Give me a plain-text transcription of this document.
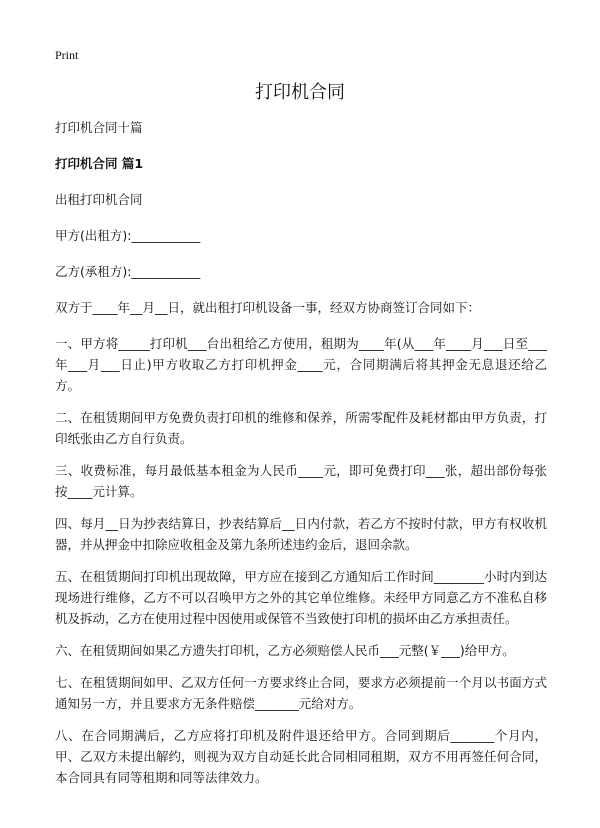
Print
打印机合同

打印机合同十篇

打印机合同 篇1

出租打印机合同

甲方(出租方):___________

乙方(承租方):___________

双方于____年__月__日，就出租打印机设备一事，经双方协商签订合同如下：

一、甲方将_____打印机___台出租给乙方使用，租期为____年(从___年____月___日至___年___月___日止)甲方收取乙方打印机押金____元，合同期满后将其押金无息退还给乙方。

二、在租赁期间甲方免费负责打印机的维修和保养，所需零配件及耗材都由甲方负责，打印纸张由乙方自行负责。

三、收费标准，每月最低基本租金为人民币____元，即可免费打印___张，超出部份每张按____元计算。

四、每月__日为抄表结算日，抄表结算后__日内付款，若乙方不按时付款，甲方有权收机器，并从押金中扣除应收租金及第九条所述违约金后，退回余款。

五、在租赁期间打印机出现故障，甲方应在接到乙方通知后工作时间________小时内到达现场进行维修，乙方不可以召唤甲方之外的其它单位维修。未经甲方同意乙方不准私自移机及拆动，乙方在使用过程中因使用或保管不当致使打印机的损坏由乙方承担责任。

六、在租赁期间如果乙方遗失打印机，乙方必须赔偿人民币___元整(￥___)给甲方。

七、在租赁期间如甲、乙双方任何一方要求终止合同，要求方必须提前一个月以书面方式通知另一方，并且要求方无条件赔偿_______元给对方。

八、在合同期满后，乙方应将打印机及附件退还给甲方。合同到期后_______个月内，甲、乙双方未提出解约，则视为双方自动延长此合同相同租期，双方不用再签任何合同，本合同具有同等租期和同等法律效力。
